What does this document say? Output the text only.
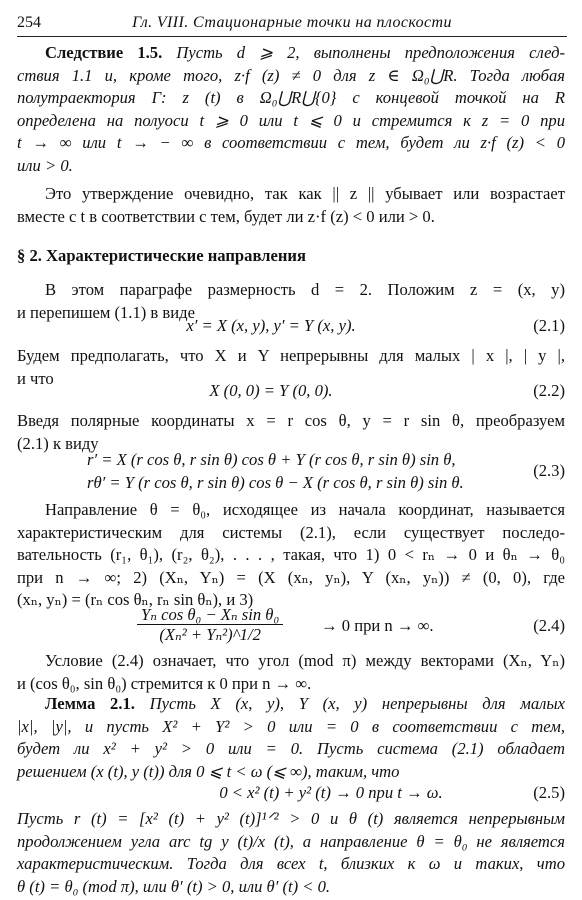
254	Гл. VIII. Стационарные точки на плоскости

Следствие 1.5. Пусть d ⩾ 2, выполнены предположения след-

ствия 1.1 и, кроме того, z·f (z) ≠ 0 для z ∈ Ω₀⋃R. Тогда любая

полутраектория Γ: z (t) в Ω₀⋃R⋃{0} с концевой точкой на R

определена на полуоси t ⩾ 0 или t ⩽ 0 и стремится к z = 0 при

t → ∞ или t → − ∞ в соответствии с тем, будет ли z·f (z) < 0

или > 0.

Это утверждение очевидно, так как || z || убывает или возрастает

вместе с t в соответствии с тем, будет ли z·f (z) < 0 или > 0.

§ 2. Характеристические направления

В этом параграфе размерность d = 2. Положим z = (x, y)

и перепишем (1.1) в виде

x′ = X (x, y), y′ = Y (x, y).	(2.1)

Будем предполагать, что X и Y непрерывны для малых | x |, | y |,

и что

X (0, 0) = Y (0, 0).	(2.2)

Введя полярные координаты x = r cos θ, y = r sin θ, преобразуем

(2.1) к виду

r′ = X (r cos θ, r sin θ) cos θ + Y (r cos θ, r sin θ) sin θ,
rθ′ = Y (r cos θ, r sin θ) cos θ − X (r cos θ, r sin θ) sin θ.
(2.3)

Направление θ = θ₀, исходящее из начала координат, называется

характеристическим для системы (2.1), если существует последо-

вательность (r₁, θ₁), (r₂, θ₂), . . . , такая, что 1) 0 < rₙ → 0 и θₙ → θ₀

при n → ∞; 2) (Xₙ, Yₙ) = (X (xₙ, yₙ), Y (xₙ, yₙ)) ≠ (0, 0), где

(xₙ, yₙ) = (rₙ cos θₙ, rₙ sin θₙ), и 3)

$\frac{\text{Yₙ cos θ₀ − Xₙ sin θ₀}}{\text{(Xₙ² + Yₙ²)\textasciicircum{}1/2}} \to 0$ при n → ∞.	(2.4)

Условие (2.4) означает, что угол (mod π) между векторами (Xₙ, Yₙ)

и (cos θ₀, sin θ₀) стремится к 0 при n → ∞.

Лемма 2.1. Пусть X (x, y), Y (x, y) непрерывны для малых

|x|, |y|, и пусть X² + Y² > 0 или = 0 в соответствии с тем,

будет ли x² + y² > 0 или = 0. Пусть система (2.1) обладает

решением (x (t), y (t)) для 0 ⩽ t < ω (⩽ ∞), таким, что

0 < x² (t) + y² (t) → 0 при t → ω.	(2.5)

Пусть r (t) = [x² (t) + y² (t)]¹ᐟ² > 0 и θ (t) является непрерывным

продолжением угла arc tg y (t)/x (t), а направление θ = θ₀ не является

характеристическим. Тогда для всех t, близких к ω и таких, что

θ (t) = θ₀ (mod π), или θ′ (t) > 0, или θ′ (t) < 0.
